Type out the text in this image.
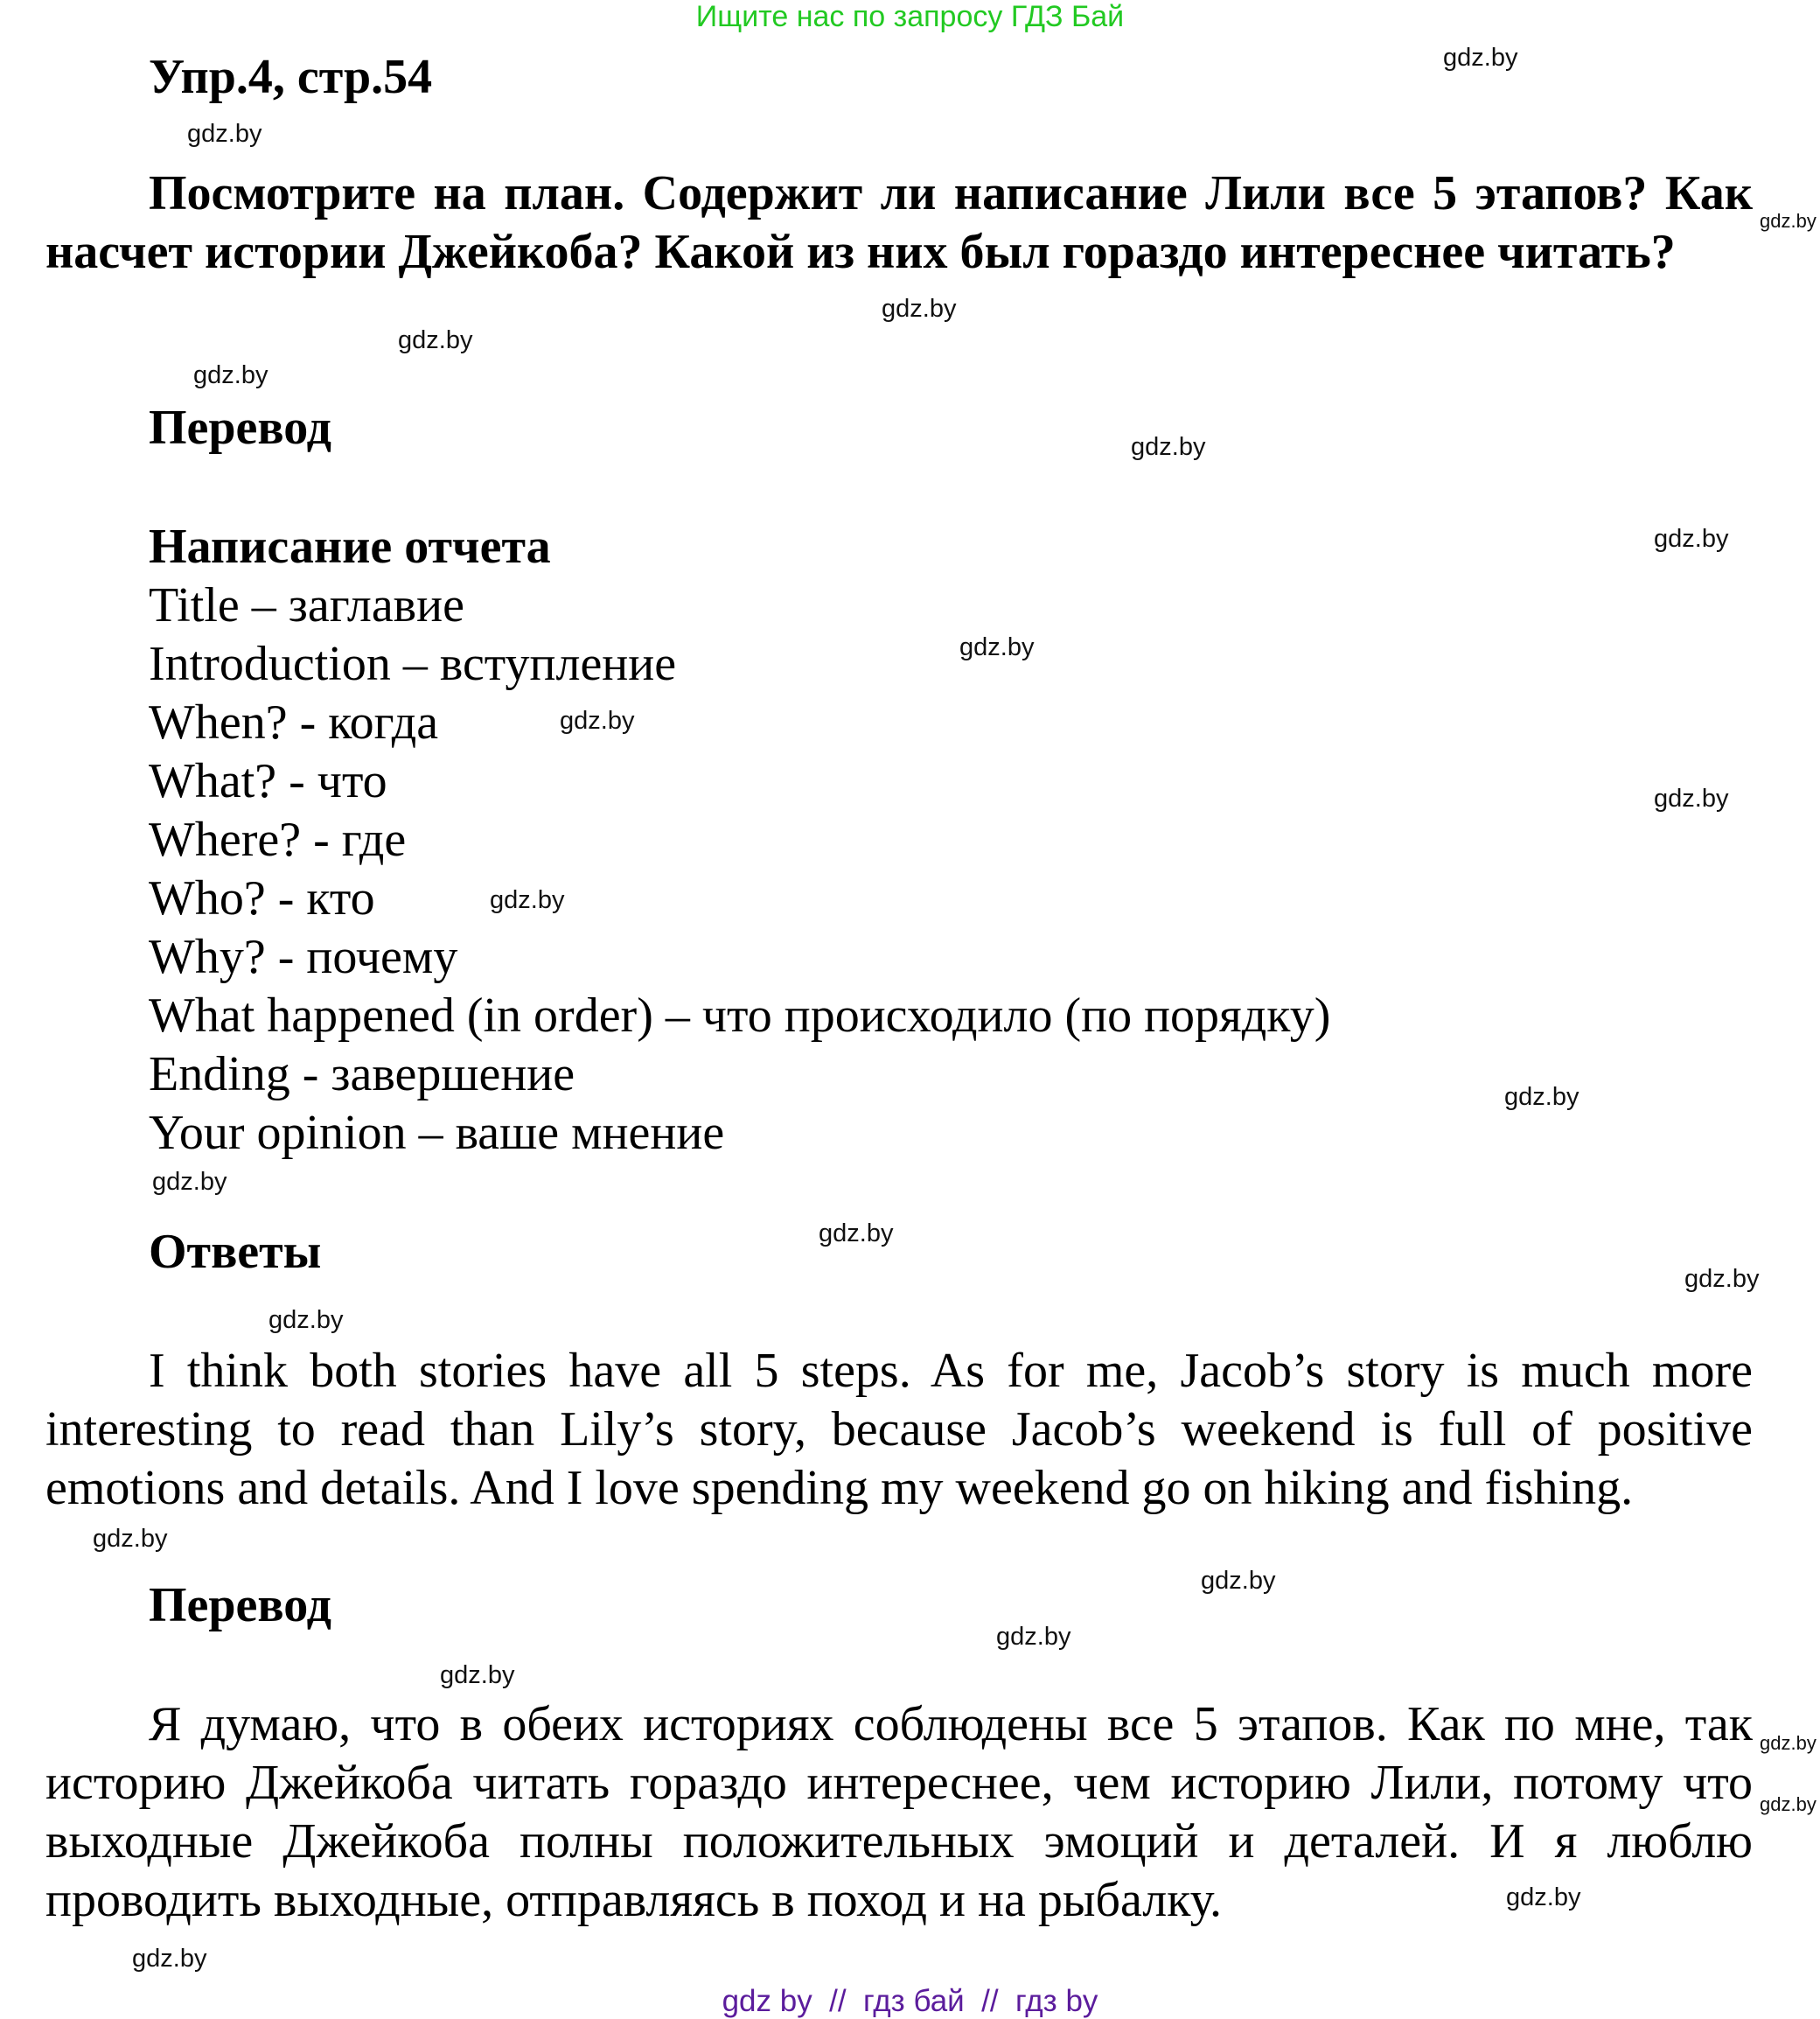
Ищите нас по запросу ГДЗ Бай
Упр.4, стр.54
Посмотрите на план. Содержит ли написание Лили все 5 этапов? Как насчет истории Джейкоба? Какой из них был гораздо интереснее читать?
Перевод
Написание отчета
Title – заглавие
Introduction – вступление
When? - когда
What? - что
Where? - где
Who? - кто
Why? - почему
What happened (in order) – что происходило (по порядку)
Ending - завершение
Your opinion – ваше мнение
Ответы
I think both stories have all 5 steps. As for me, Jacob’s story is much more interesting to read than Lily’s story, because Jacob’s weekend is full of positive emotions and details. And I love spending my weekend go on hiking and fishing.
Перевод
Я думаю, что в обеих историях соблюдены все 5 этапов. Как по мне, так историю Джейкоба читать гораздо интереснее, чем историю Лили, потому что выходные Джейкоба полны положительных эмоций и деталей. И я люблю проводить выходные, отправляясь в поход и на рыбалку.
gdz.by
gdz.by
gdz.by
gdz.by
gdz.by
gdz.by
gdz.by
gdz.by
gdz.by
gdz.by
gdz.by
gdz.by
gdz.by
gdz.by
gdz.by
gdz.by
gdz.by
gdz.by
gdz.by
gdz.by
gdz.by
gdz.by
gdz.by
gdz.by
gdz.by
gdz by  //  гдз бай  //  гдз by
